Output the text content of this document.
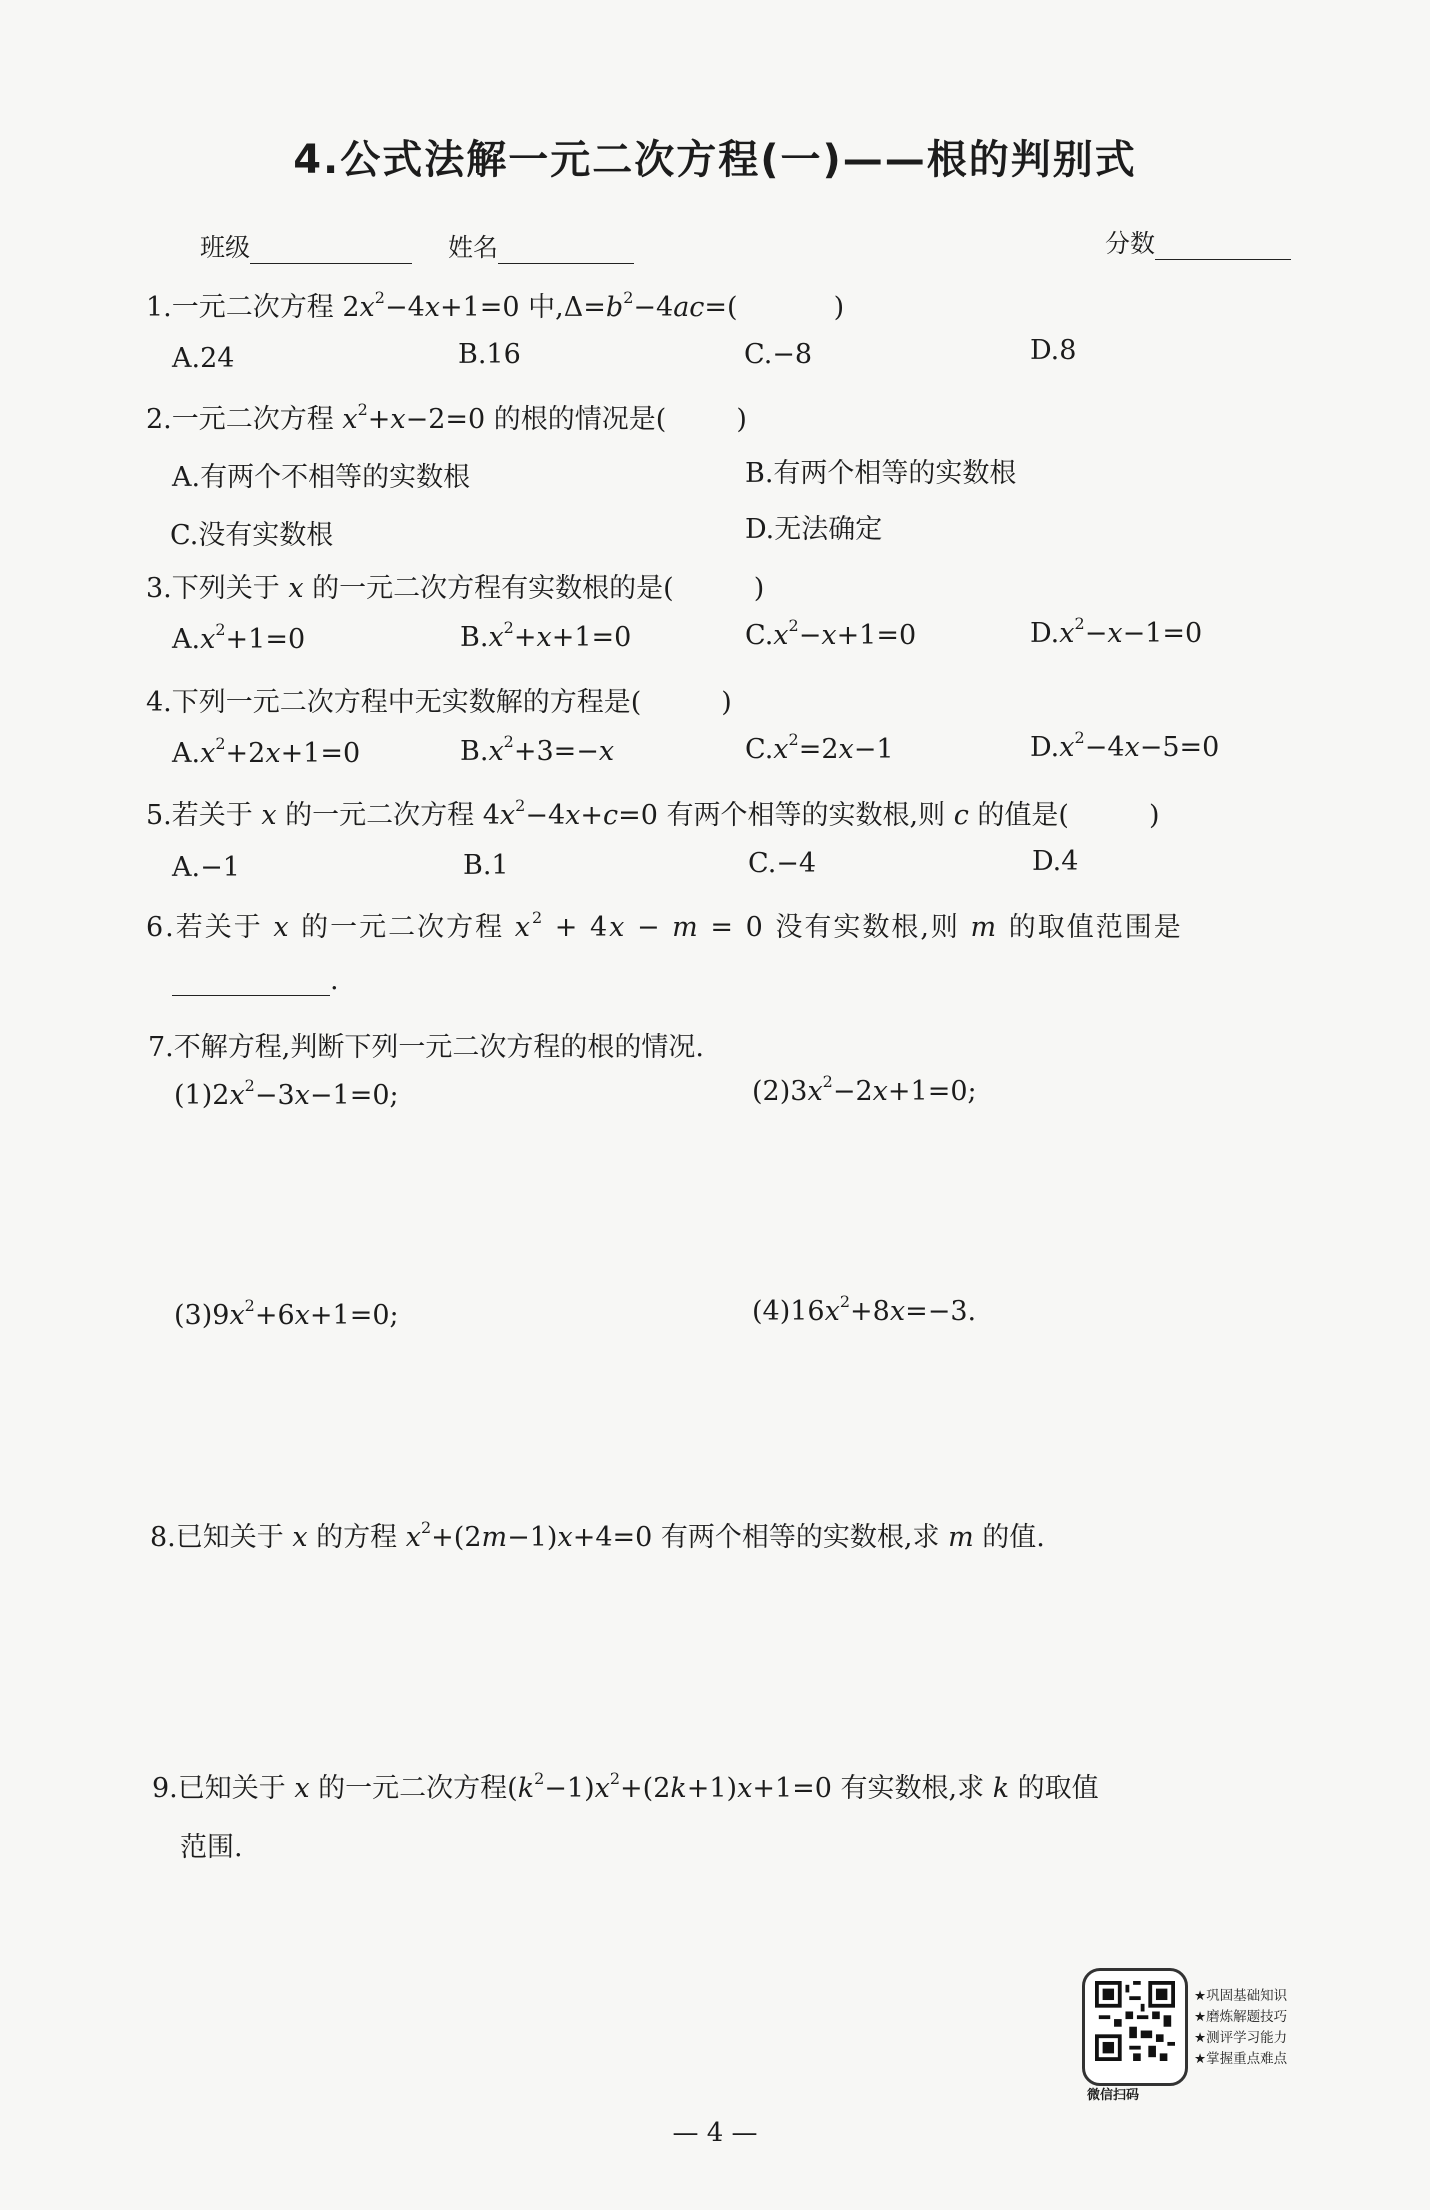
4.公式法解一元二次方程(一)——根的判别式
班级	姓名	分数
1.一元二次方程 $2x^2-4x+1=0$ 中$,\Delta=b^2-4ac=$(	)
A.24	B.16	C.−8	D.8
2.一元二次方程 $x^2+x-2=0$ 的根的情况是(	)
A.有两个不相等的实数根	B.有两个相等的实数根
C.没有实数根	D.无法确定
3.下列关于 x 的一元二次方程有实数根的是(	)
$A.x^2+1=0$	$B.x^2+x+1=0$	$C.x^2-x+1=0$	$D.x^2-x-1=0$
4.下列一元二次方程中无实数解的方程是(	)
$A.x^2+2x+1=0$	$B.x^2+3=-x$	$C.x^2=2x-1$	$D.x^2-4x-5=0$
5.若关于 x 的一元二次方程 $4x^2-4x+c=0$ 有两个相等的实数根,则 c 的值是(	)
A.−1	B.1	C.−4	D.4
6.若关于 x 的一元二次方程 $x^2 + 4x - m = 0$ 没有实数根,则 m 的取值范围是
.
7.不解方程,判断下列一元二次方程的根的情况.
$(1)2x^2-3x-1=0$;	$(2)3x^2-2x+1=0$;
$(3)9x^2+6x+1=0$;	$(4)16x^2+8x=-3$.
8.已知关于 x 的方程 $x^2+(2m-1)x+4=0$ 有两个相等的实数根,求 m 的值.
9.已知关于 x 的一元二次方程$(k^2-1)x^2+(2k+1)x+1=0$ 有实数根,求 k 的取值
范围.
微信扫码
★巩固基础知识
★磨炼解题技巧
★测评学习能力
★掌握重点难点
— 4 —
